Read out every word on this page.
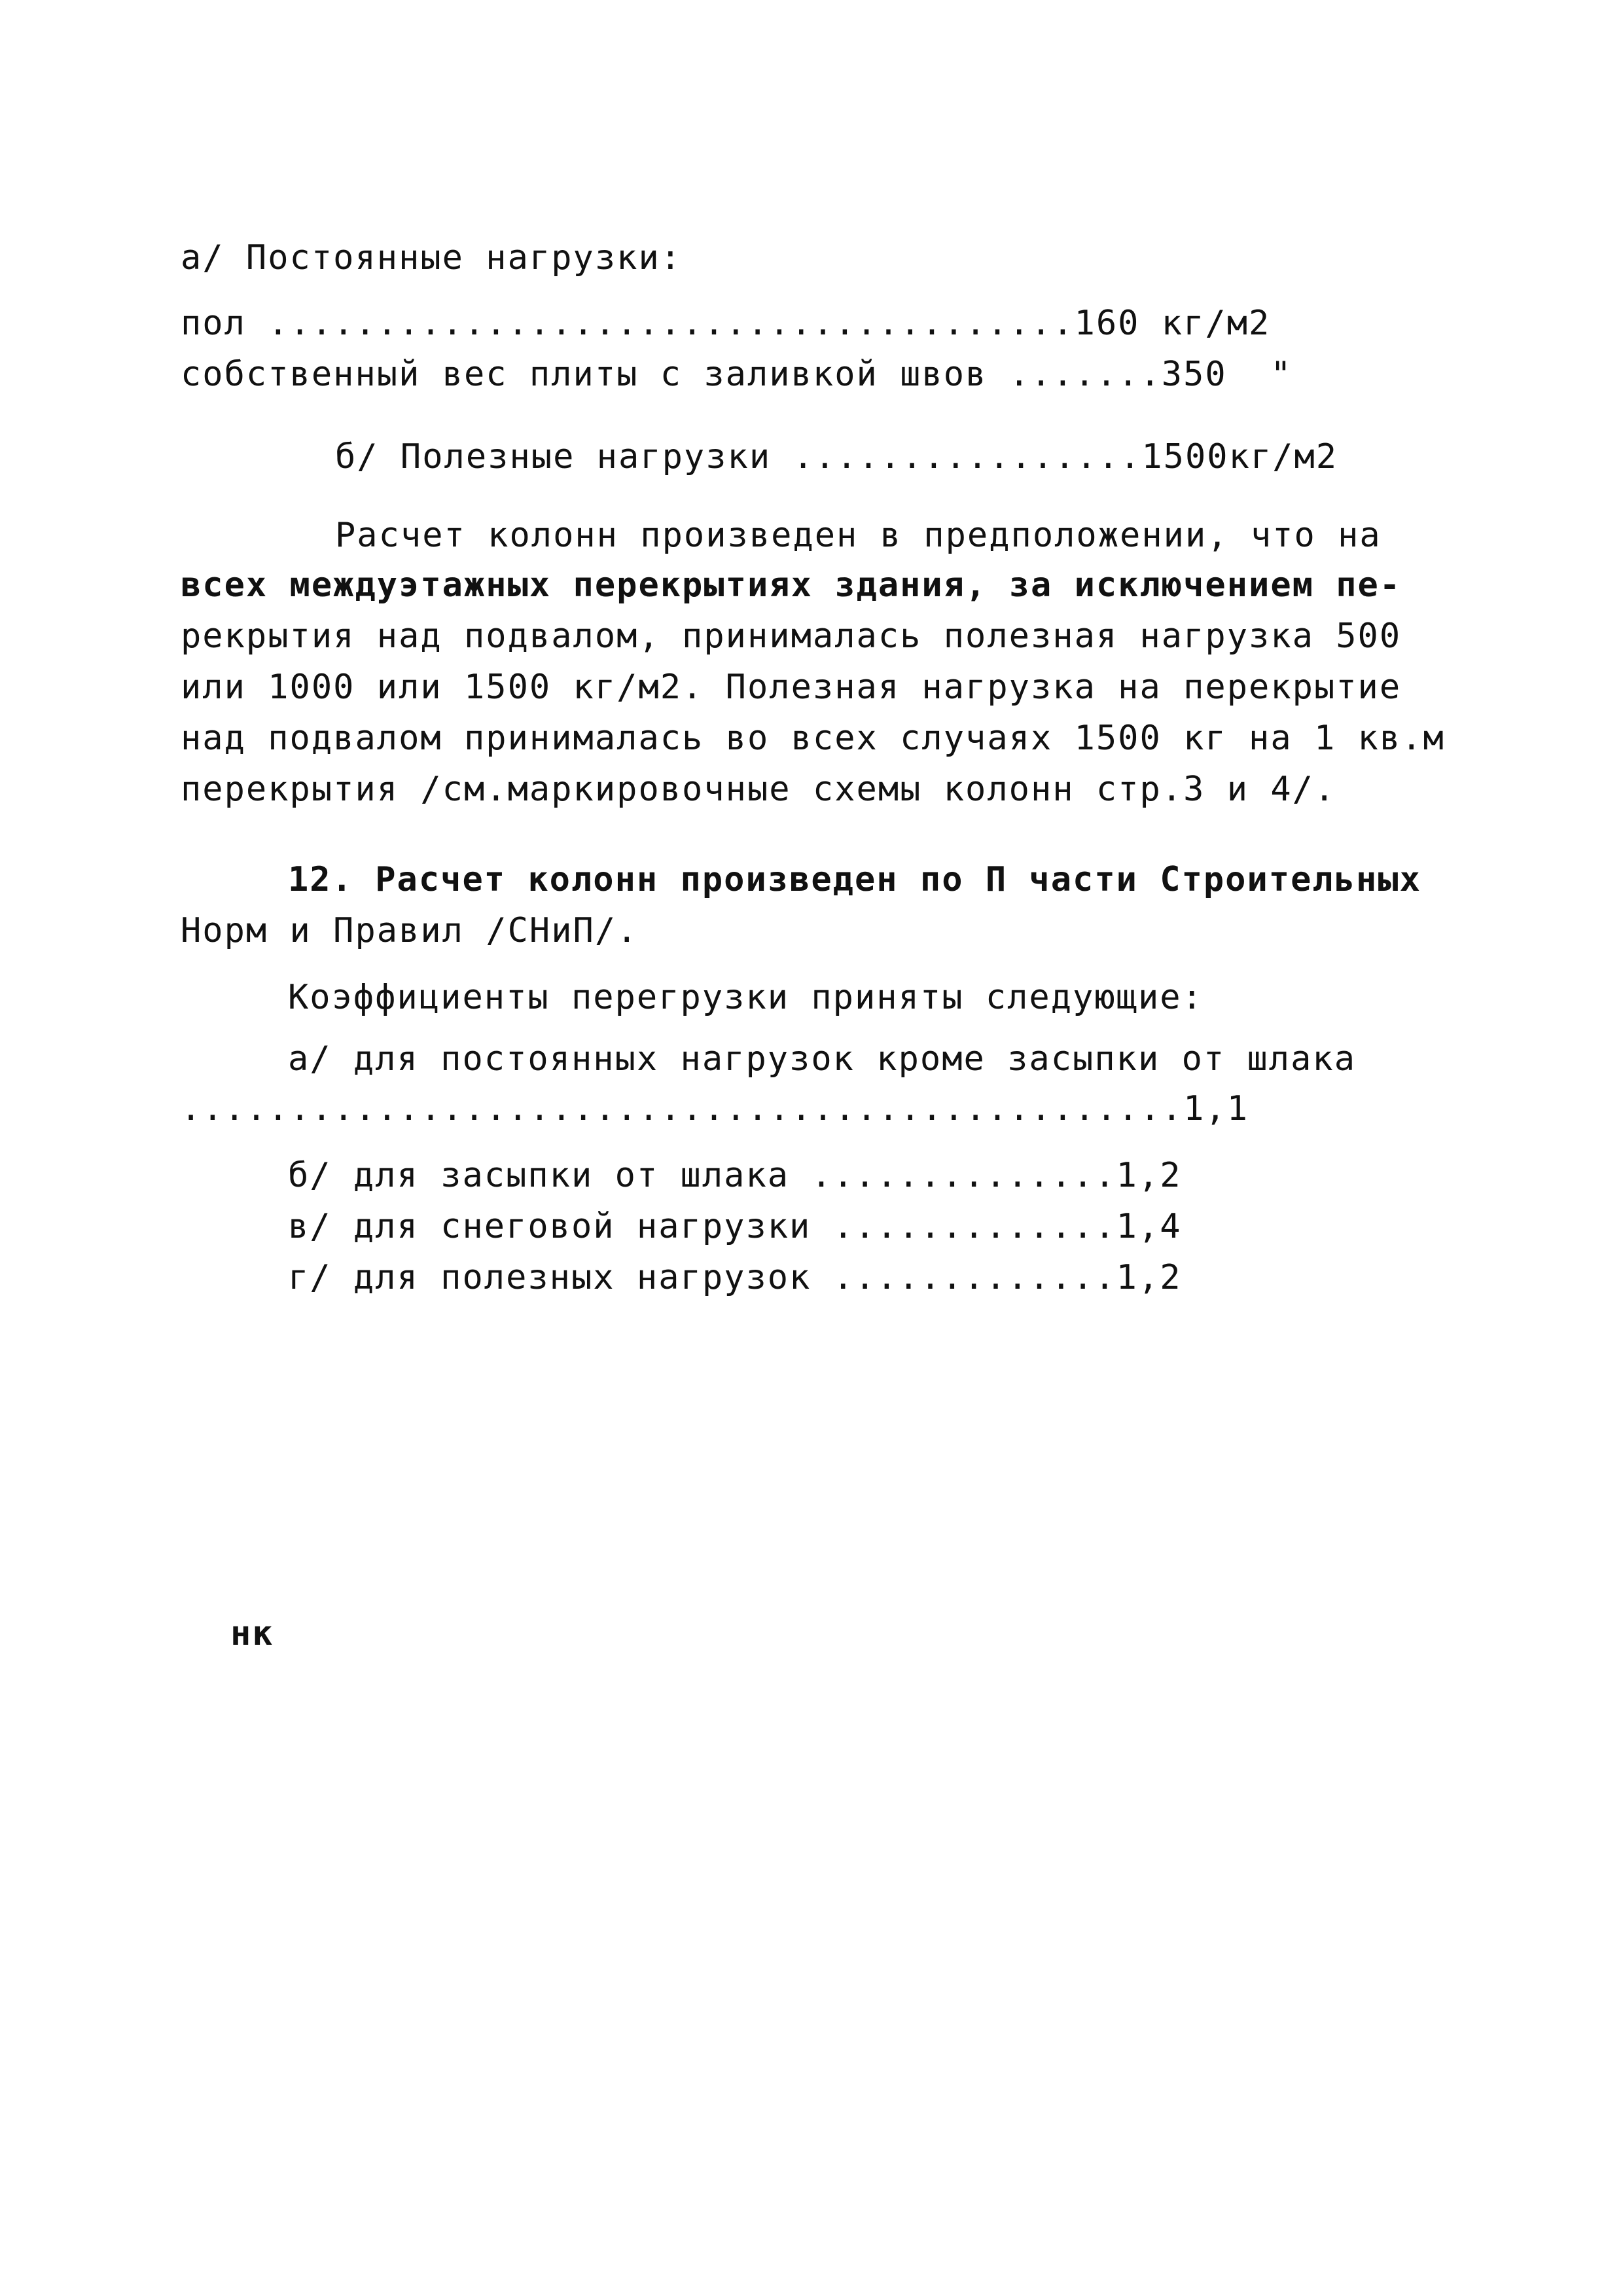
а/ Постоянные нагрузки:
пол .....................................160 кг/м2
собственный вес плиты с заливкой швов .......350  "
б/ Полезные нагрузки ................1500кг/м2
Расчет колонн произведен в предположении, что на
всех междуэтажных перекрытиях здания, за исключением пе-
рекрытия над подвалом, принималась полезная нагрузка 500
или 1000 или 1500 кг/м2. Полезная нагрузка на перекрытие
над подвалом принималась во всех случаях 1500 кг на 1 кв.м
перекрытия /см.маркировочные схемы колонн стр.3 и 4/.
12. Расчет колонн произведен по П части Строительных
Норм и Правил /СНиП/.
Коэффициенты перегрузки приняты следующие:
а/ для постоянных нагрузок кроме засыпки от шлака
..............................................1,1
б/ для засыпки от шлака ..............1,2
в/ для снеговой нагрузки .............1,4
г/ для полезных нагрузок .............1,2
нк
